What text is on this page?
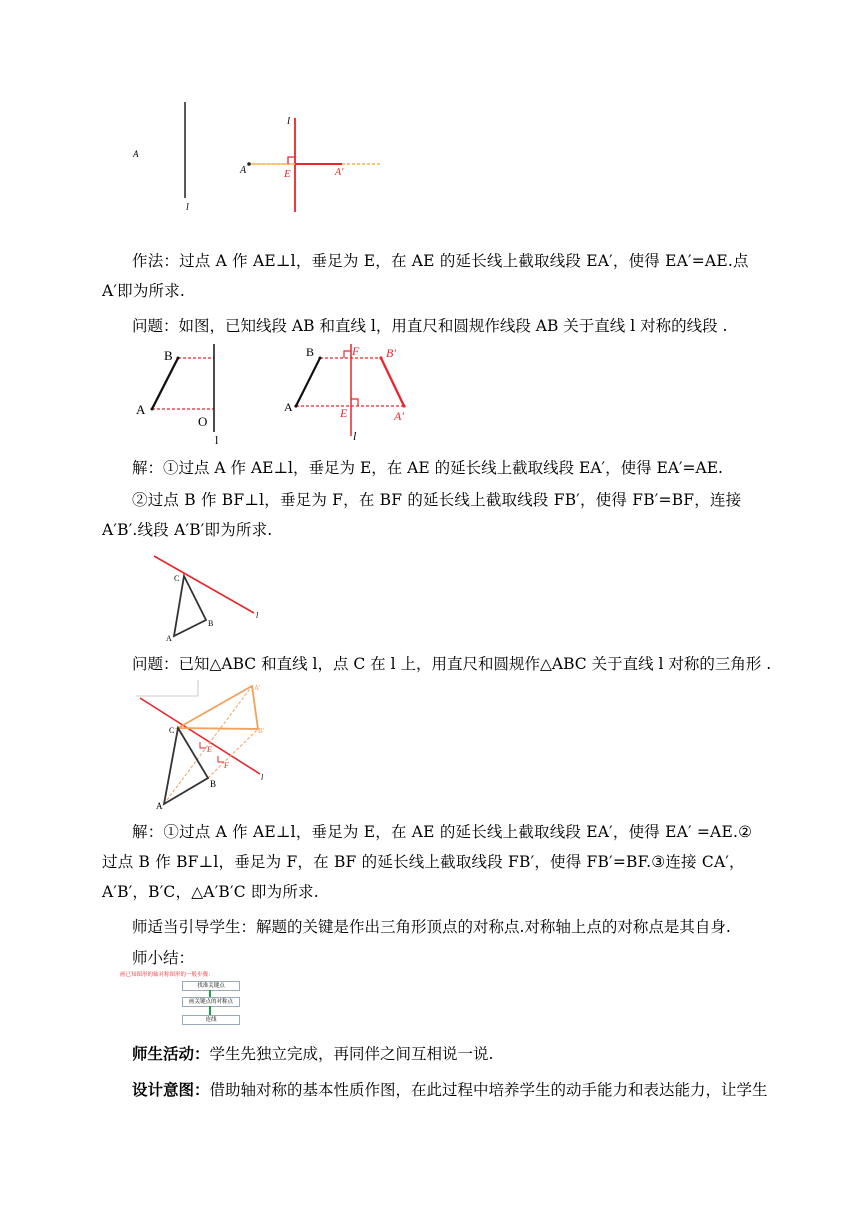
A
l
l
A	E	A'
作法：过点 A 作 AE⊥l，垂足为 E，在 AE 的延长线上截取线段 EA′，使得 EA′=AE.点 A′即为所求.
问题：如图，已知线段 AB 和直线 l，用直尺和圆规作线段 AB 关于直线 l 对称的线段 .
B
A
O
l
B	F B'
A	E	A'
l
解：①过点 A 作 AE⊥l，垂足为 E，在 AE 的延长线上截取线段 EA′，使得 EA′=AE.
②过点 B 作 BF⊥l，垂足为 F，在 BF 的延长线上截取线段 FB′，使得 FB′=BF，连接 A′B′.线段 A′B′即为所求.
l
C
B
A
问题：已知△ABC 和直线 l，点 C 在 l 上，用直尺和圆规作△ABC 关于直线 l 对称的三角形 .
l
A'
B'
C
E
F
B
A
解：①过点 A 作 AE⊥l，垂足为 E，在 AE 的延长线上截取线段 EA′，使得 EA′ =AE.②过点 B 作 BF⊥l，垂足为 F，在 BF 的延长线上截取线段 FB′，使得 FB′=BF.③连接 CA′，A′B′，B′C，△A′B′C 即为所求.
师适当引导学生：解题的关键是作出三角形顶点的对称点.对称轴上点的对称点是其自身.
师小结：
画已知图形的轴对称图形的一般步骤：
找准关键点
画关键点的对称点
连线
师生活动：学生先独立完成，再同伴之间互相说一说.
设计意图：借助轴对称的基本性质作图，在此过程中培养学生的动手能力和表达能力，让学生
